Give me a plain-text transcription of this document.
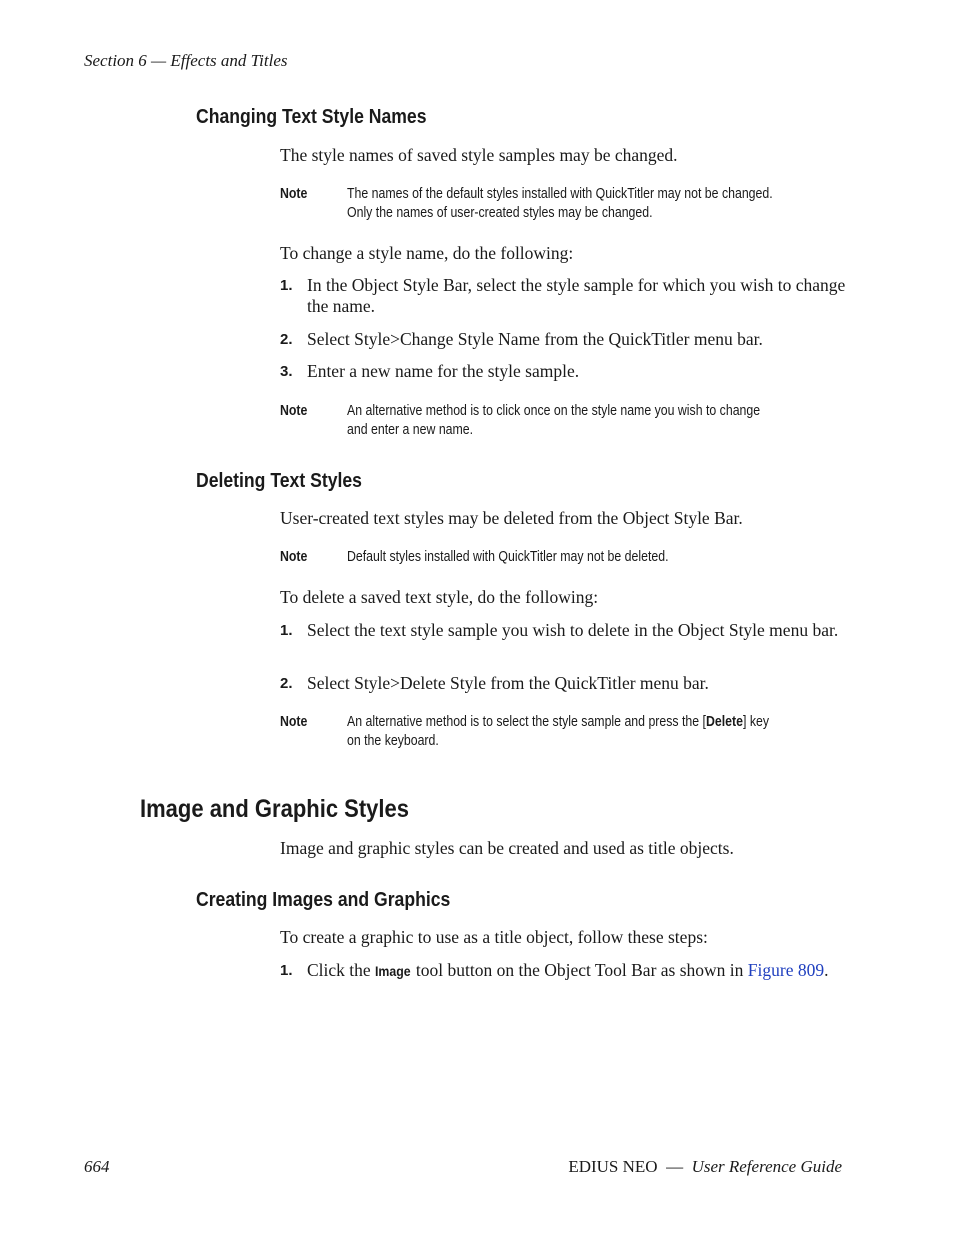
Section 6 — Effects and Titles
Changing Text Style Names
The style names of saved style samples may be changed.
Note	The names of the default styles installed with QuickTitler may not be changed.
Only the names of user-created styles may be changed.
To change a style name, do the following:
1. In the Object Style Bar, select the style sample for which you wish to change the name.
2. Select Style>Change Style Name from the QuickTitler menu bar.
3. Enter a new name for the style sample.
Note	An alternative method is to click once on the style name you wish to change
and enter a new name.
Deleting Text Styles
User-created text styles may be deleted from the Object Style Bar.
Note	Default styles installed with QuickTitler may not be deleted.
To delete a saved text style, do the following:
1. Select the text style sample you wish to delete in the Object Style menu bar.
2. Select Style>Delete Style from the QuickTitler menu bar.
Note	An alternative method is to select the style sample and press the [Delete] key
on the keyboard.
Image and Graphic Styles
Image and graphic styles can be created and used as title objects.
Creating Images and Graphics
To create a graphic to use as a title object, follow these steps:
1. Click the Image tool button on the Object Tool Bar as shown in Figure 809.
664	EDIUS NEO — User Reference Guide
